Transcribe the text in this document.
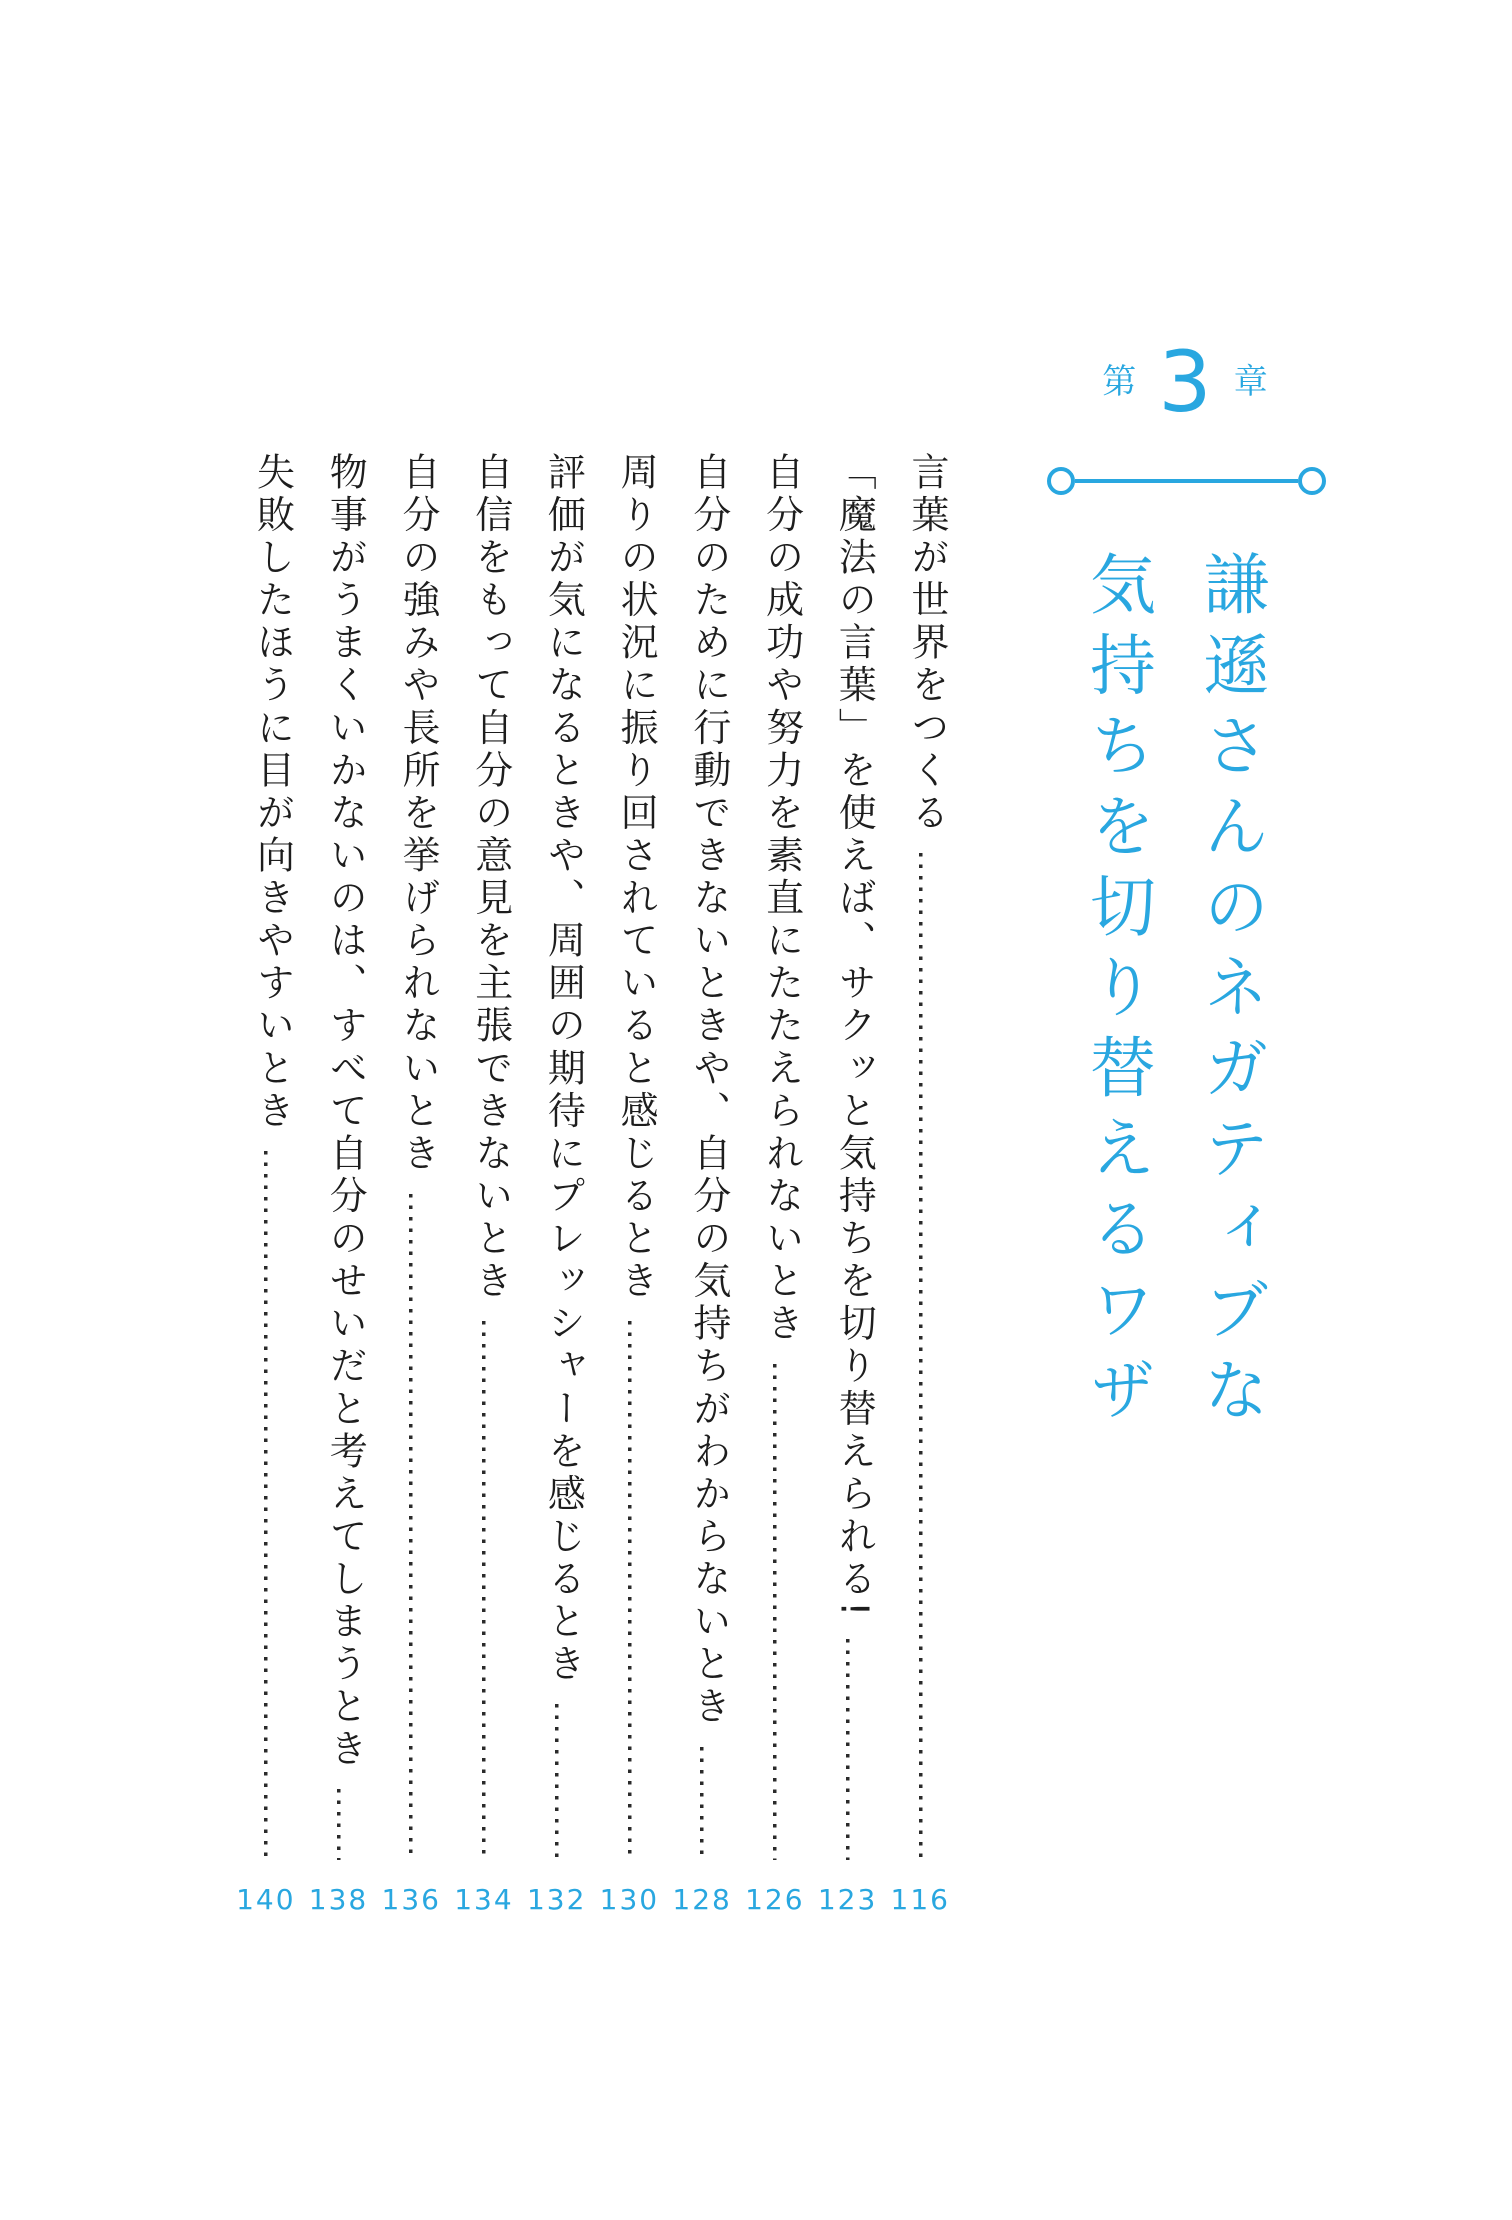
第 3 章
謙遜さんのネガティブな
気持ちを切り替えるワザ
言葉が世界をつくる
116
「魔法の言葉」を使えば、サクッと気持ちを切り替えられる!
123
自分の成功や努力を素直にたたえられないとき
126
自分のために行動できないときや、自分の気持ちがわからないとき
128
周りの状況に振り回されていると感じるとき
130
評価が気になるときや、周囲の期待にプレッシャーを感じるとき
132
自信をもって自分の意見を主張できないとき
134
自分の強みや長所を挙げられないとき
136
物事がうまくいかないのは、すべて自分のせいだと考えてしまうとき
138
失敗したほうに目が向きやすいとき
140
